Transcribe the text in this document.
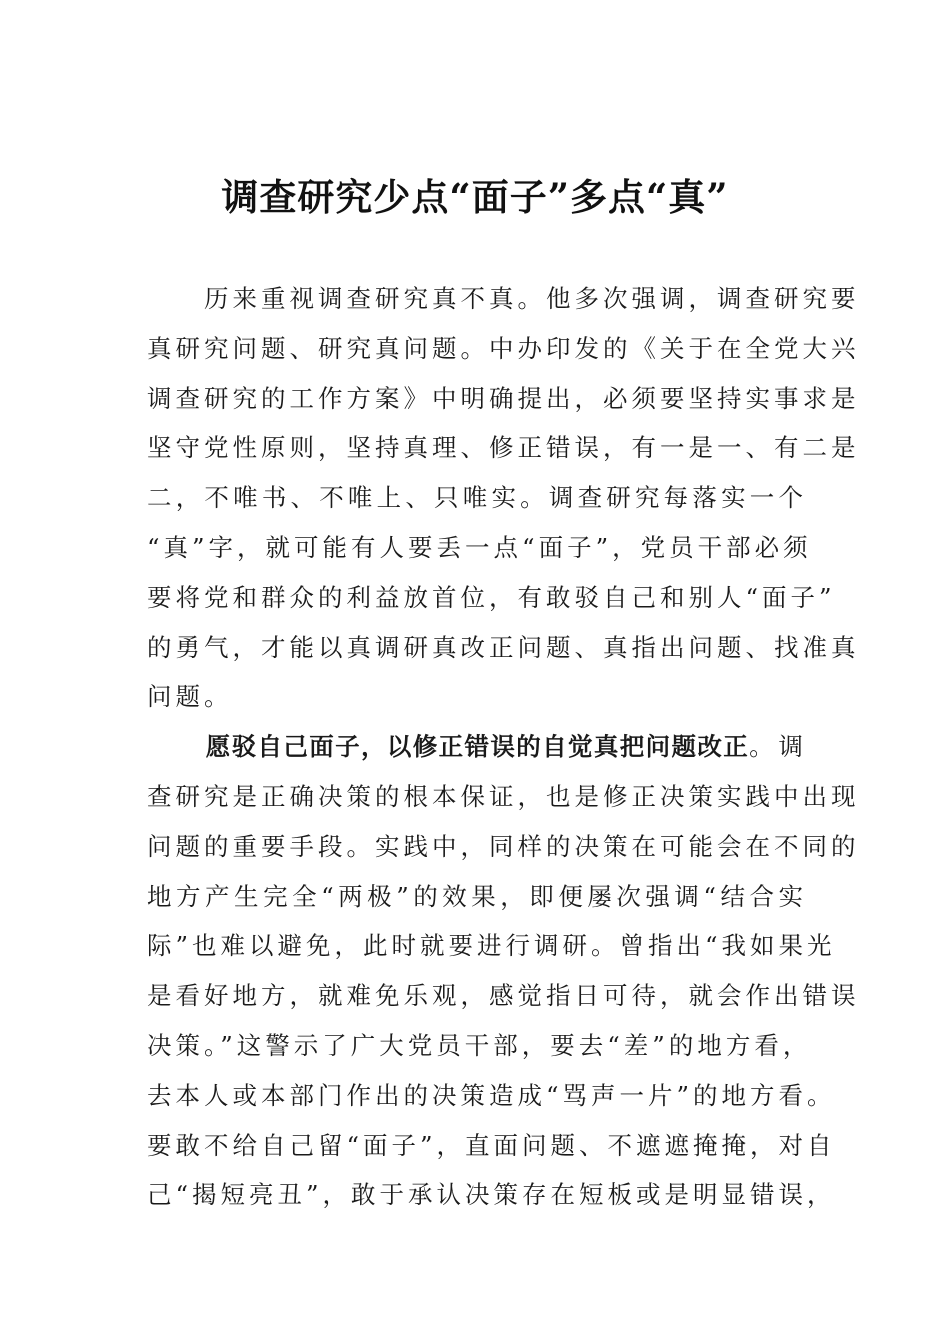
调查研究少点“面子”多点“真”
　　历来重视调查研究真不真。他多次强调，调查研究要
真研究问题、研究真问题。中办印发的《关于在全党大兴
调查研究的工作方案》中明确提出，必须要坚持实事求是
坚守党性原则，坚持真理、修正错误，有一是一、有二是
二，不唯书、不唯上、只唯实。调查研究每落实一个
“真”字，就可能有人要丢一点“面子”，党员干部必须
要将党和群众的利益放首位，有敢驳自己和别人“面子”
的勇气，才能以真调研真改正问题、真指出问题、找准真
问题。
　　愿驳自己面子，以修正错误的自觉真把问题改正。调
查研究是正确决策的根本保证，也是修正决策实践中出现
问题的重要手段。实践中，同样的决策在可能会在不同的
地方产生完全“两极”的效果，即便屡次强调“结合实
际”也难以避免，此时就要进行调研。曾指出“我如果光
是看好地方，就难免乐观，感觉指日可待，就会作出错误
决策。”这警示了广大党员干部，要去“差”的地方看，
去本人或本部门作出的决策造成“骂声一片”的地方看。
要敢不给自己留“面子”，直面问题、不遮遮掩掩，对自
己“揭短亮丑”，敢于承认决策存在短板或是明显错误，
